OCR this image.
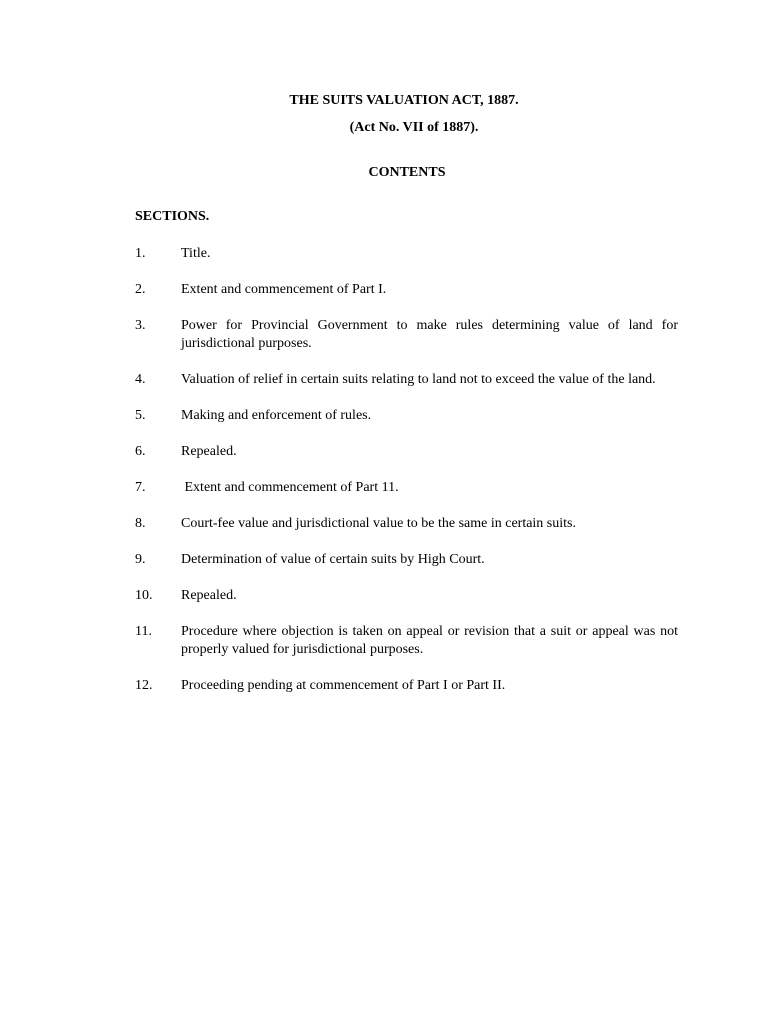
THE SUITS VALUATION ACT, 1887.
(Act No. VII of 1887).
CONTENTS
SECTIONS.
1.	Title.
2.	Extent and commencement of Part I.
3.	Power for Provincial Government to make rules determining value of land for jurisdictional purposes.
4.	Valuation of relief in certain suits relating to land not to exceed the value of the land.
5.	Making and enforcement of rules.
6.	Repealed.
7.	Extent and commencement of Part 11.
8.	Court-fee value and jurisdictional value to be the same in certain suits.
9.	Determination of value of certain suits by High Court.
10.	Repealed.
11.	Procedure where objection is taken on appeal or revision that a suit or appeal was not properly valued for jurisdictional purposes.
12.	Proceeding pending at commencement of Part I or Part II.
